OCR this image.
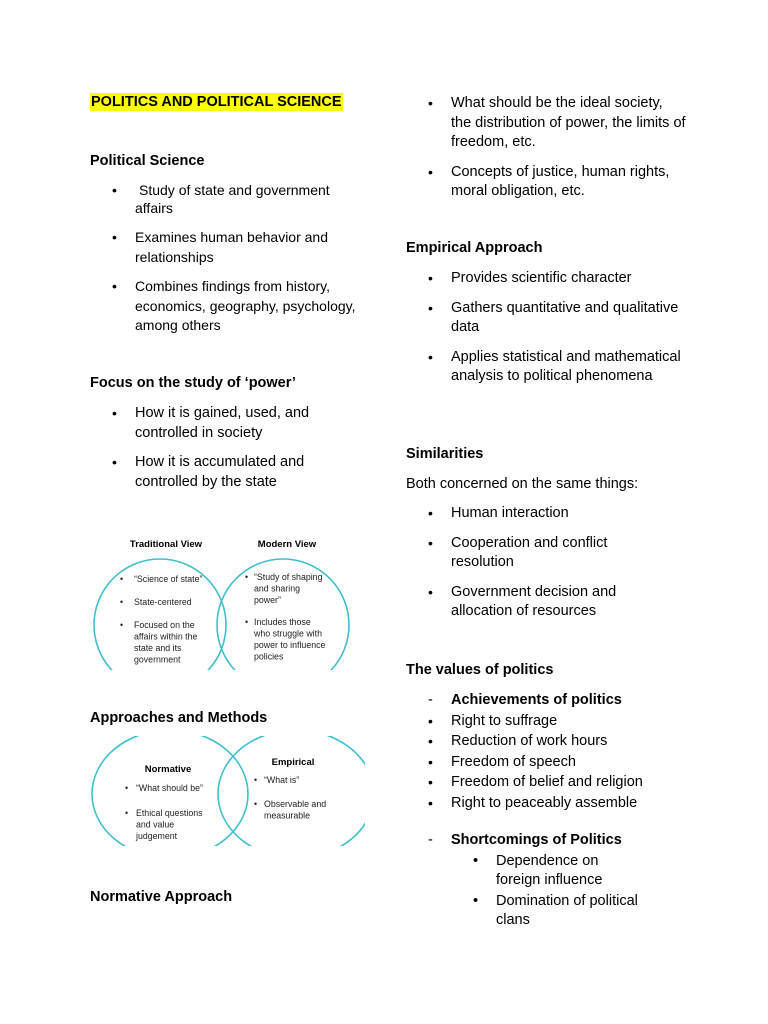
POLITICS AND POLITICAL SCIENCE
Political Science
• Study of state and government affairs
• Examines human behavior and relationships
• Combines findings from history, economics, geography, psychology, among others
Focus on the study of ‘power’
• How it is gained, used, and controlled in society
• How it is accumulated and controlled by the state
Traditional View	Modern View
• “Science of state”
• State-centered
• Focused on the affairs within the state and its government
• “Study of shaping and sharing power”
• Includes those who struggle with power to influence policies
Approaches and Methods
Normative
Empirical
• “What should be”
• Ethical questions and value judgement
• “What is”
• Observable and measurable
Normative Approach
• What should be the ideal society, the distribution of power, the limits of freedom, etc.
• Concepts of justice, human rights, moral obligation, etc.
Empirical Approach
• Provides scientific character
• Gathers quantitative and qualitative data
• Applies statistical and mathematical analysis to political phenomena
Similarities
Both concerned on the same things:
• Human interaction
• Cooperation and conflict resolution
• Government decision and allocation of resources
The values of politics
- Achievements of politics
• Right to suffrage
• Reduction of work hours
• Freedom of speech
• Freedom of belief and religion
• Right to peaceably assemble
- Shortcomings of Politics
• Dependence on foreign influence
• Domination of political clans
